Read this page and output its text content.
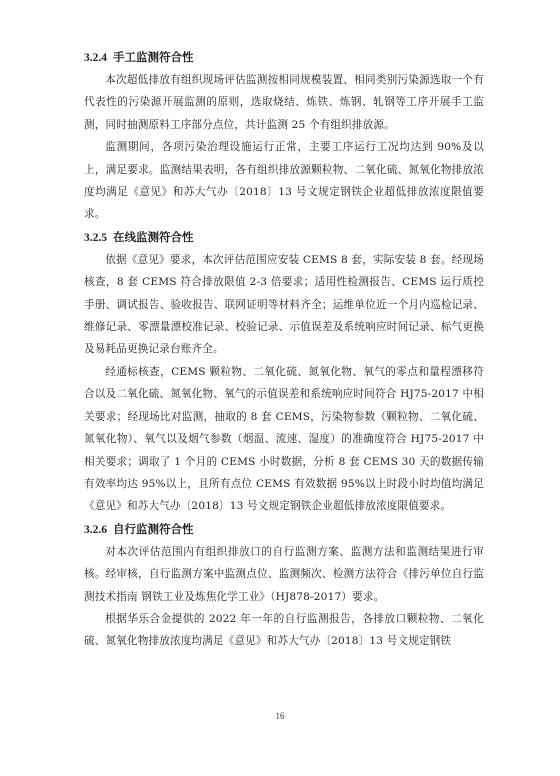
3.2.4 手工监测符合性

本次超低排放有组织现场评估监测按相同规模装置、相同类别污染源选取一个有代表性的污染源开展监测的原则，选取烧结、炼铁、炼钢、轧钢等工序开展手工监测，同时抽测原料工序部分点位，共计监测 25 个有组织排放源。

监测期间，各项污染治理设施运行正常，主要工序运行工况均达到 90%及以上，满足要求。监测结果表明，各有组织排放源颗粒物、二氧化硫、氮氧化物排放浓度均满足《意见》和苏大气办〔2018〕13 号文规定钢铁企业超低排放浓度限值要求。

3.2.5 在线监测符合性

依据《意见》要求，本次评估范围应安装 CEMS 8 套，实际安装 8 套。经现场核查，8 套 CEMS 符合排放限值 2-3 倍要求；适用性检测报告、CEMS 运行质控手册、调试报告、验收报告、联网证明等材料齐全；运维单位近一个月内巡检记录、维修记录、零漂量漂校准记录、校验记录、示值误差及系统响应时间记录、标气更换及易耗品更换记录台账齐全。

经通标核查，CEMS 颗粒物、二氧化硫、氮氧化物、氧气的零点和量程漂移符合以及二氧化硫、氮氧化物、氧气的示值误差和系统响应时间符合 HJ75-2017 中相关要求；经现场比对监测，抽取的 8 套 CEMS，污染物参数（颗粒物、二氧化硫、氮氧化物）、氧气以及烟气参数（烟温、流速、湿度）的准确度符合 HJ75-2017 中相关要求；调取了 1 个月的 CEMS 小时数据，分析 8 套 CEMS 30 天的数据传输有效率均达 95%以上，且所有点位 CEMS 有效数据 95%以上时段小时均值均满足《意见》和苏大气办〔2018〕13 号文规定钢铁企业超低排放浓度限值要求。

3.2.6 自行监测符合性

对本次评估范围内有组织排放口的自行监测方案、监测方法和监测结果进行审核。经审核，自行监测方案中监测点位、监测频次、检测方法符合《排污单位自行监测技术指南 钢铁工业及炼焦化学工业》（HJ878-2017）要求。

根据华乐合金提供的 2022 年一年的自行监测报告，各排放口颗粒物、二氧化硫、氮氧化物排放浓度均满足《意见》和苏大气办〔2018〕13 号文规定钢铁

16
